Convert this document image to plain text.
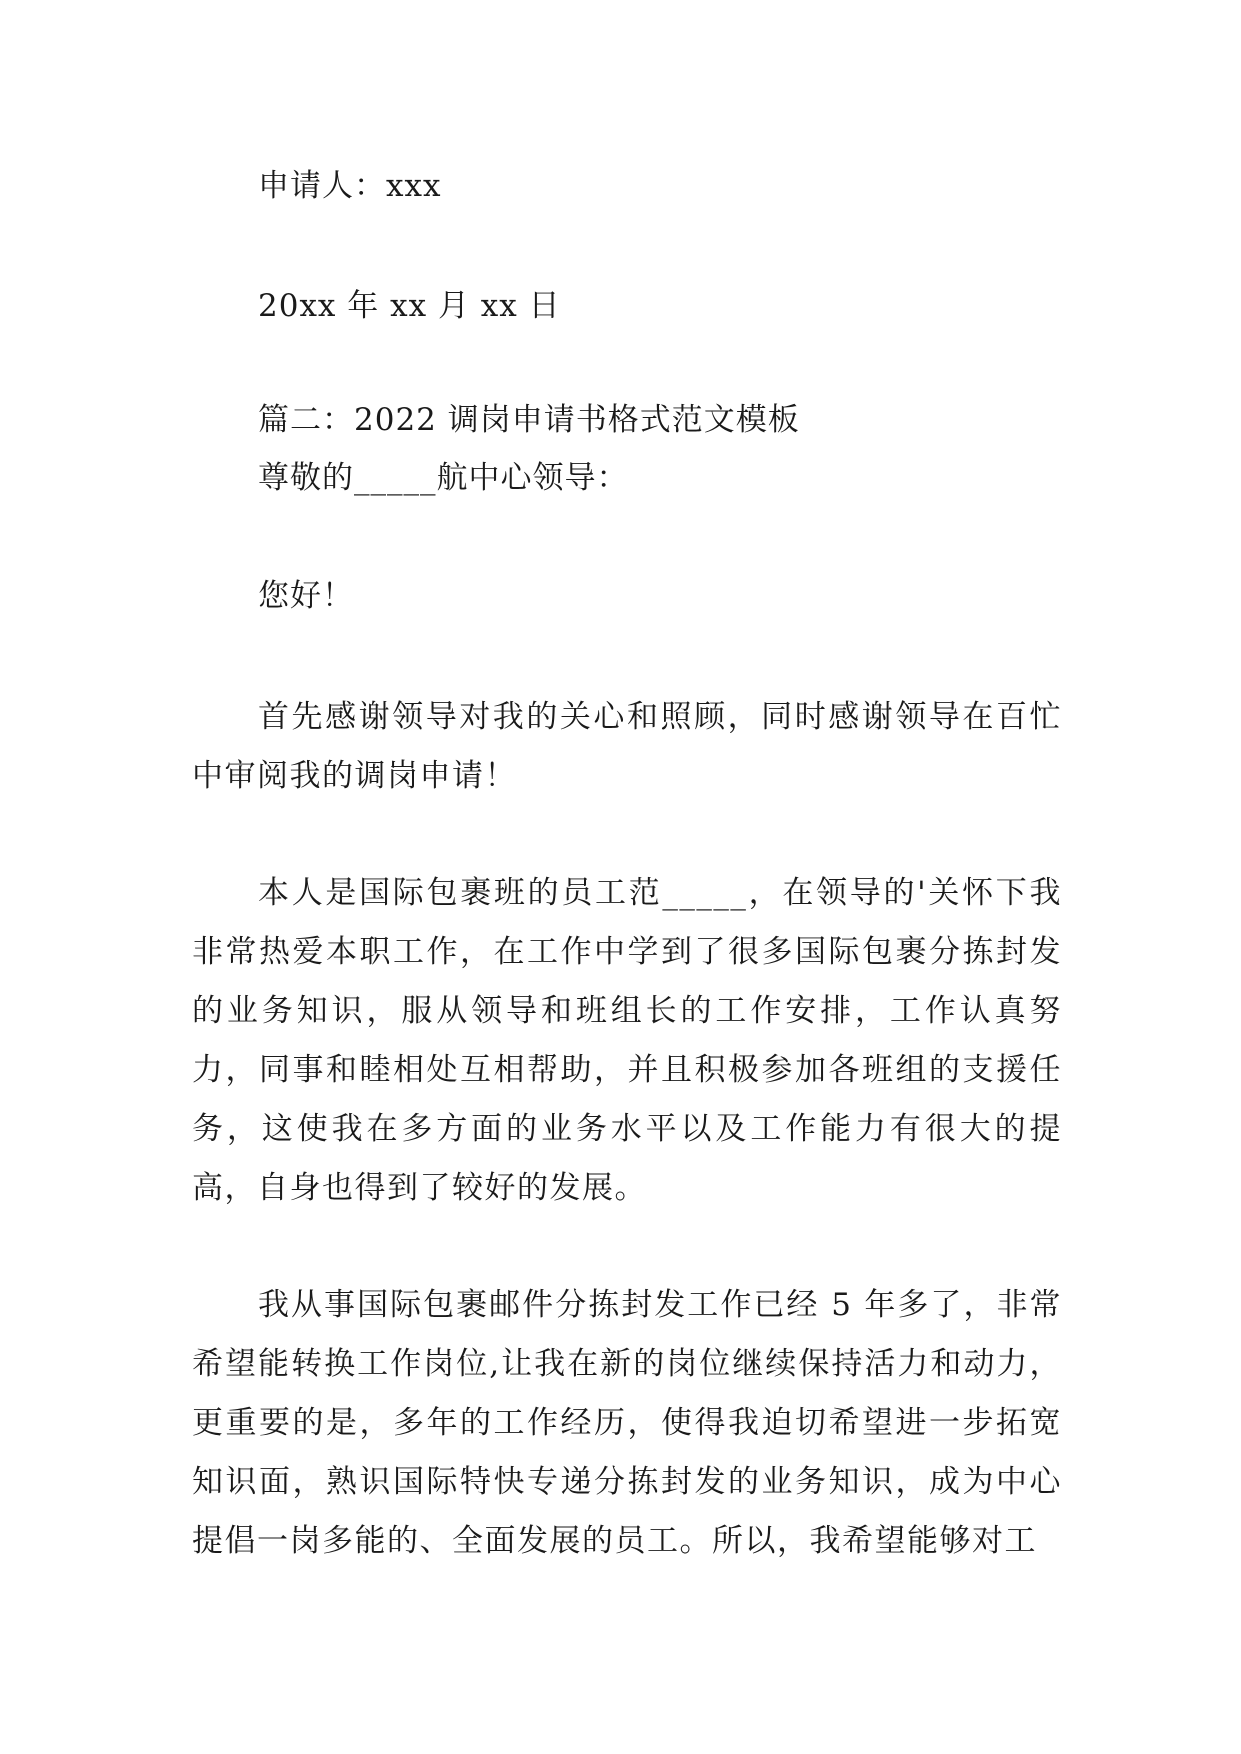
申请人：xxx
20xx 年 xx 月 xx 日
篇二：2022 调岗申请书格式范文模板
尊敬的_____航中心领导：
您好！

首先感谢领导对我的关心和照顾，同时感谢领导在百忙中审阅我的调岗申请！

本人是国际包裹班的员工范_____，在领导的'关怀下我非常热爱本职工作，在工作中学到了很多国际包裹分拣封发的业务知识，服从领导和班组长的工作安排，工作认真努力，同事和睦相处互相帮助，并且积极参加各班组的支援任务，这使我在多方面的业务水平以及工作能力有很大的提高，自身也得到了较好的发展。

我从事国际包裹邮件分拣封发工作已经 5 年多了，非常希望能转换工作岗位,让我在新的岗位继续保持活力和动力，更重要的是，多年的工作经历，使得我迫切希望进一步拓宽知识面，熟识国际特快专递分拣封发的业务知识，成为中心提倡一岗多能的、全面发展的员工。所以，我希望能够对工
